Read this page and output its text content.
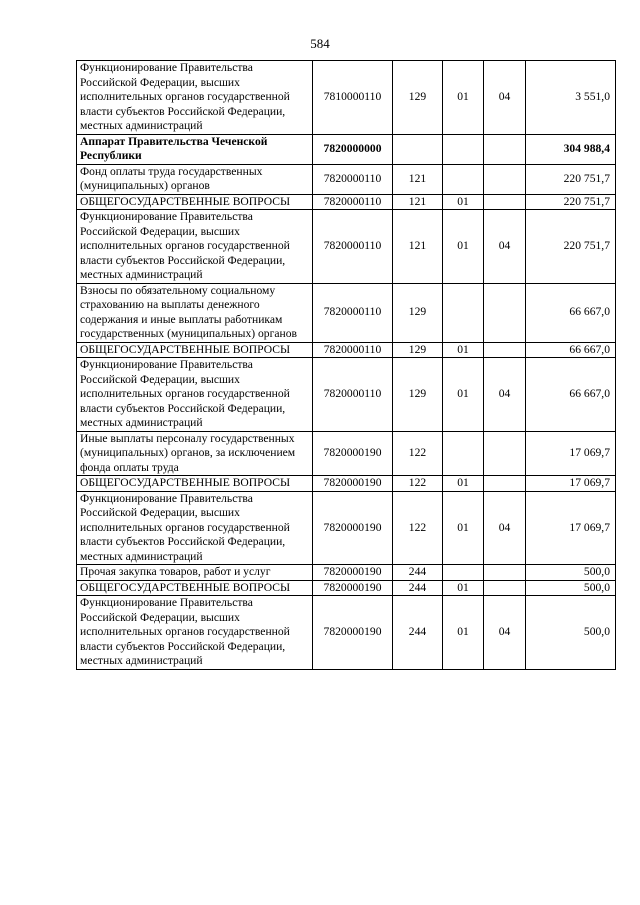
584
Функционирование Правительства Российской Федерации, высших исполнительных органов государственной власти субъектов Российской Федерации, местных администраций	7810000110	129	01	04	3 551,0
Аппарат Правительства Чеченской Республики	7820000000				304 988,4
Фонд оплаты труда государственных (муниципальных) органов	7820000110	121			220 751,7
ОБЩЕГОСУДАРСТВЕННЫЕ ВОПРОСЫ	7820000110	121	01		220 751,7
Функционирование Правительства Российской Федерации, высших исполнительных органов государственной власти субъектов Российской Федерации, местных администраций	7820000110	121	01	04	220 751,7
Взносы по обязательному социальному страхованию на выплаты денежного содержания и иные выплаты работникам государственных (муниципальных) органов	7820000110	129			66 667,0
ОБЩЕГОСУДАРСТВЕННЫЕ ВОПРОСЫ	7820000110	129	01		66 667,0
Функционирование Правительства Российской Федерации, высших исполнительных органов государственной власти субъектов Российской Федерации, местных администраций	7820000110	129	01	04	66 667,0
Иные выплаты персоналу государственных (муниципальных) органов, за исключением фонда оплаты труда	7820000190	122			17 069,7
ОБЩЕГОСУДАРСТВЕННЫЕ ВОПРОСЫ	7820000190	122	01		17 069,7
Функционирование Правительства Российской Федерации, высших исполнительных органов государственной власти субъектов Российской Федерации, местных администраций	7820000190	122	01	04	17 069,7
Прочая закупка товаров, работ и услуг	7820000190	244			500,0
ОБЩЕГОСУДАРСТВЕННЫЕ ВОПРОСЫ	7820000190	244	01		500,0
Функционирование Правительства Российской Федерации, высших исполнительных органов государственной власти субъектов Российской Федерации, местных администраций	7820000190	244	01	04	500,0
